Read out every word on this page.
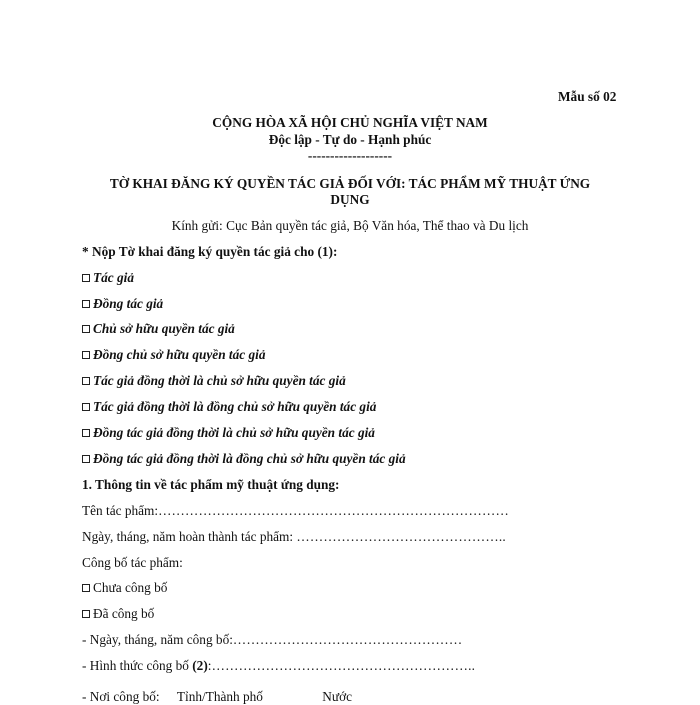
Mẫu số 02
CỘNG HÒA XÃ HỘI CHỦ NGHĨA VIỆT NAM
Độc lập - Tự do - Hạnh phúc
-------------------
TỜ KHAI ĐĂNG KÝ QUYỀN TÁC GIẢ ĐỐI VỚI: TÁC PHẨM MỸ THUẬT ỨNG
DỤNG
Kính gửi: Cục Bản quyền tác giả, Bộ Văn hóa, Thể thao và Du lịch
* Nộp Tờ khai đăng ký quyền tác giả cho (1):
Tác giả
Đồng tác giả
Chủ sở hữu quyền tác giả
Đồng chủ sở hữu quyền tác giả
Tác giả đồng thời là chủ sở hữu quyền tác giả
Tác giả đồng thời là đồng chủ sở hữu quyền tác giả
Đồng tác giả đồng thời là chủ sở hữu quyền tác giả
Đồng tác giả đồng thời là đồng chủ sở hữu quyền tác giả
1. Thông tin về tác phẩm mỹ thuật ứng dụng:
Tên tác phẩm:……………………………………………………………………
Ngày, tháng, năm hoàn thành tác phẩm: ………………………………………..
Công bố tác phẩm:
Chưa công bố
Đã công bố
- Ngày, tháng, năm công bố:……………………………………………
- Hình thức công bố (2):…………………………………………………..
- Nơi công bố: Tỉnh/Thành phố	Nước
